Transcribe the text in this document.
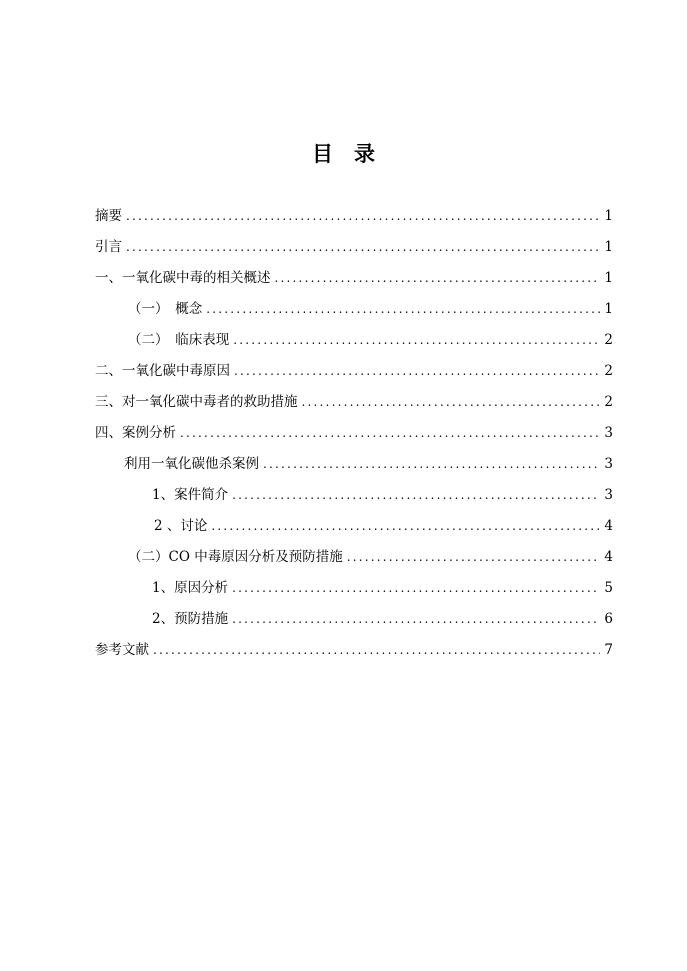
目　录
摘要 .....	1
引言 .....	1
一、一氧化碳中毒的相关概述 .....	1
（一）　概念 .....	1
（二）　临床表现 .....	2
二、一氧化碳中毒原因 .....	2
三、对一氧化碳中毒者的救助措施 .....	2
四、案例分析 .....	3
利用一氧化碳他杀案例 .....	3
1、案件简介 .....	3
2 、讨论 .....	4
（二）CO 中毒原因分析及预防措施 .....	4
1、原因分析 .....	5
2、预防措施 .....	6
参考文献 .....	7
